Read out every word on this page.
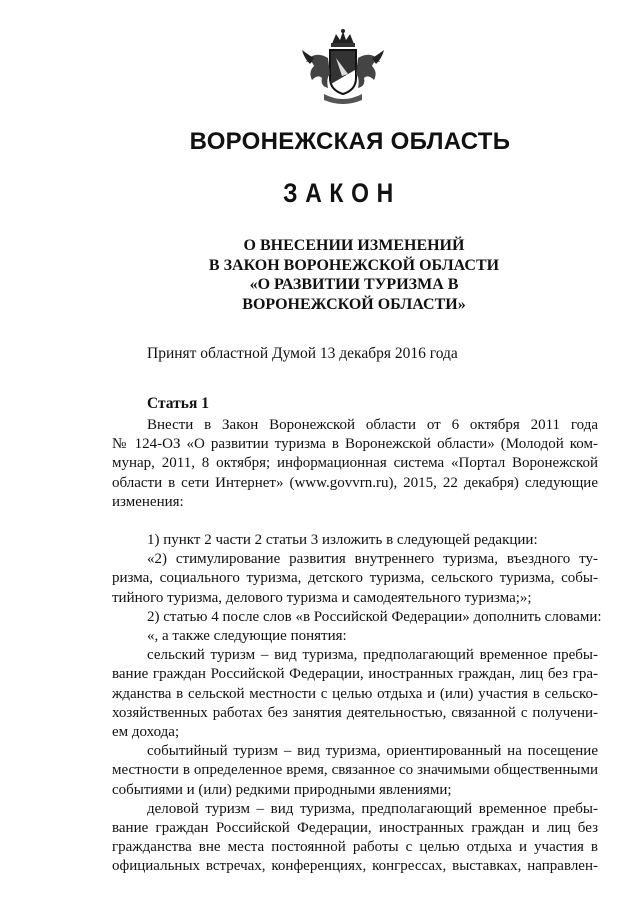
ВОРОНЕЖСКАЯ ОБЛАСТЬ
ЗАКОН
О ВНЕСЕНИИ ИЗМЕНЕНИЙ
В ЗАКОН ВОРОНЕЖСКОЙ ОБЛАСТИ
«О РАЗВИТИИ ТУРИЗМА В
ВОРОНЕЖСКОЙ ОБЛАСТИ»
Принят областной Думой 13 декабря 2016 года
Статья 1

Внести в Закон Воронежской области от 6 октября 2011 года

№ 124-ОЗ «О развитии туризма в Воронежской области» (Молодой ком-

мунар, 2011, 8 октября; информационная система «Портал Воронежской

области в сети Интернет» (www.govvrn.ru), 2015, 22 декабря) следующие

изменения:

1) пункт 2 части 2 статьи 3 изложить в следующей редакции:

«2) стимулирование развития внутреннего туризма, въездного ту-

ризма, социального туризма, детского туризма, сельского туризма, собы-

тийного туризма, делового туризма и самодеятельного туризма;»;

2) статью 4 после слов «в Российской Федерации» дополнить словами:

«, а также следующие понятия:

сельский туризм – вид туризма, предполагающий временное пребы-

вание граждан Российской Федерации, иностранных граждан, лиц без гра-

жданства в сельской местности с целью отдыха и (или) участия в сельско-

хозяйственных работах без занятия деятельностью, связанной с получени-

ем дохода;

событийный туризм – вид туризма, ориентированный на посещение

местности в определенное время, связанное со значимыми общественными

событиями и (или) редкими природными явлениями;

деловой туризм – вид туризма, предполагающий временное пребы-

вание граждан Российской Федерации, иностранных граждан и лиц без

гражданства вне места постоянной работы с целью отдыха и участия в

официальных встречах, конференциях, конгрессах, выставках, направлен-
